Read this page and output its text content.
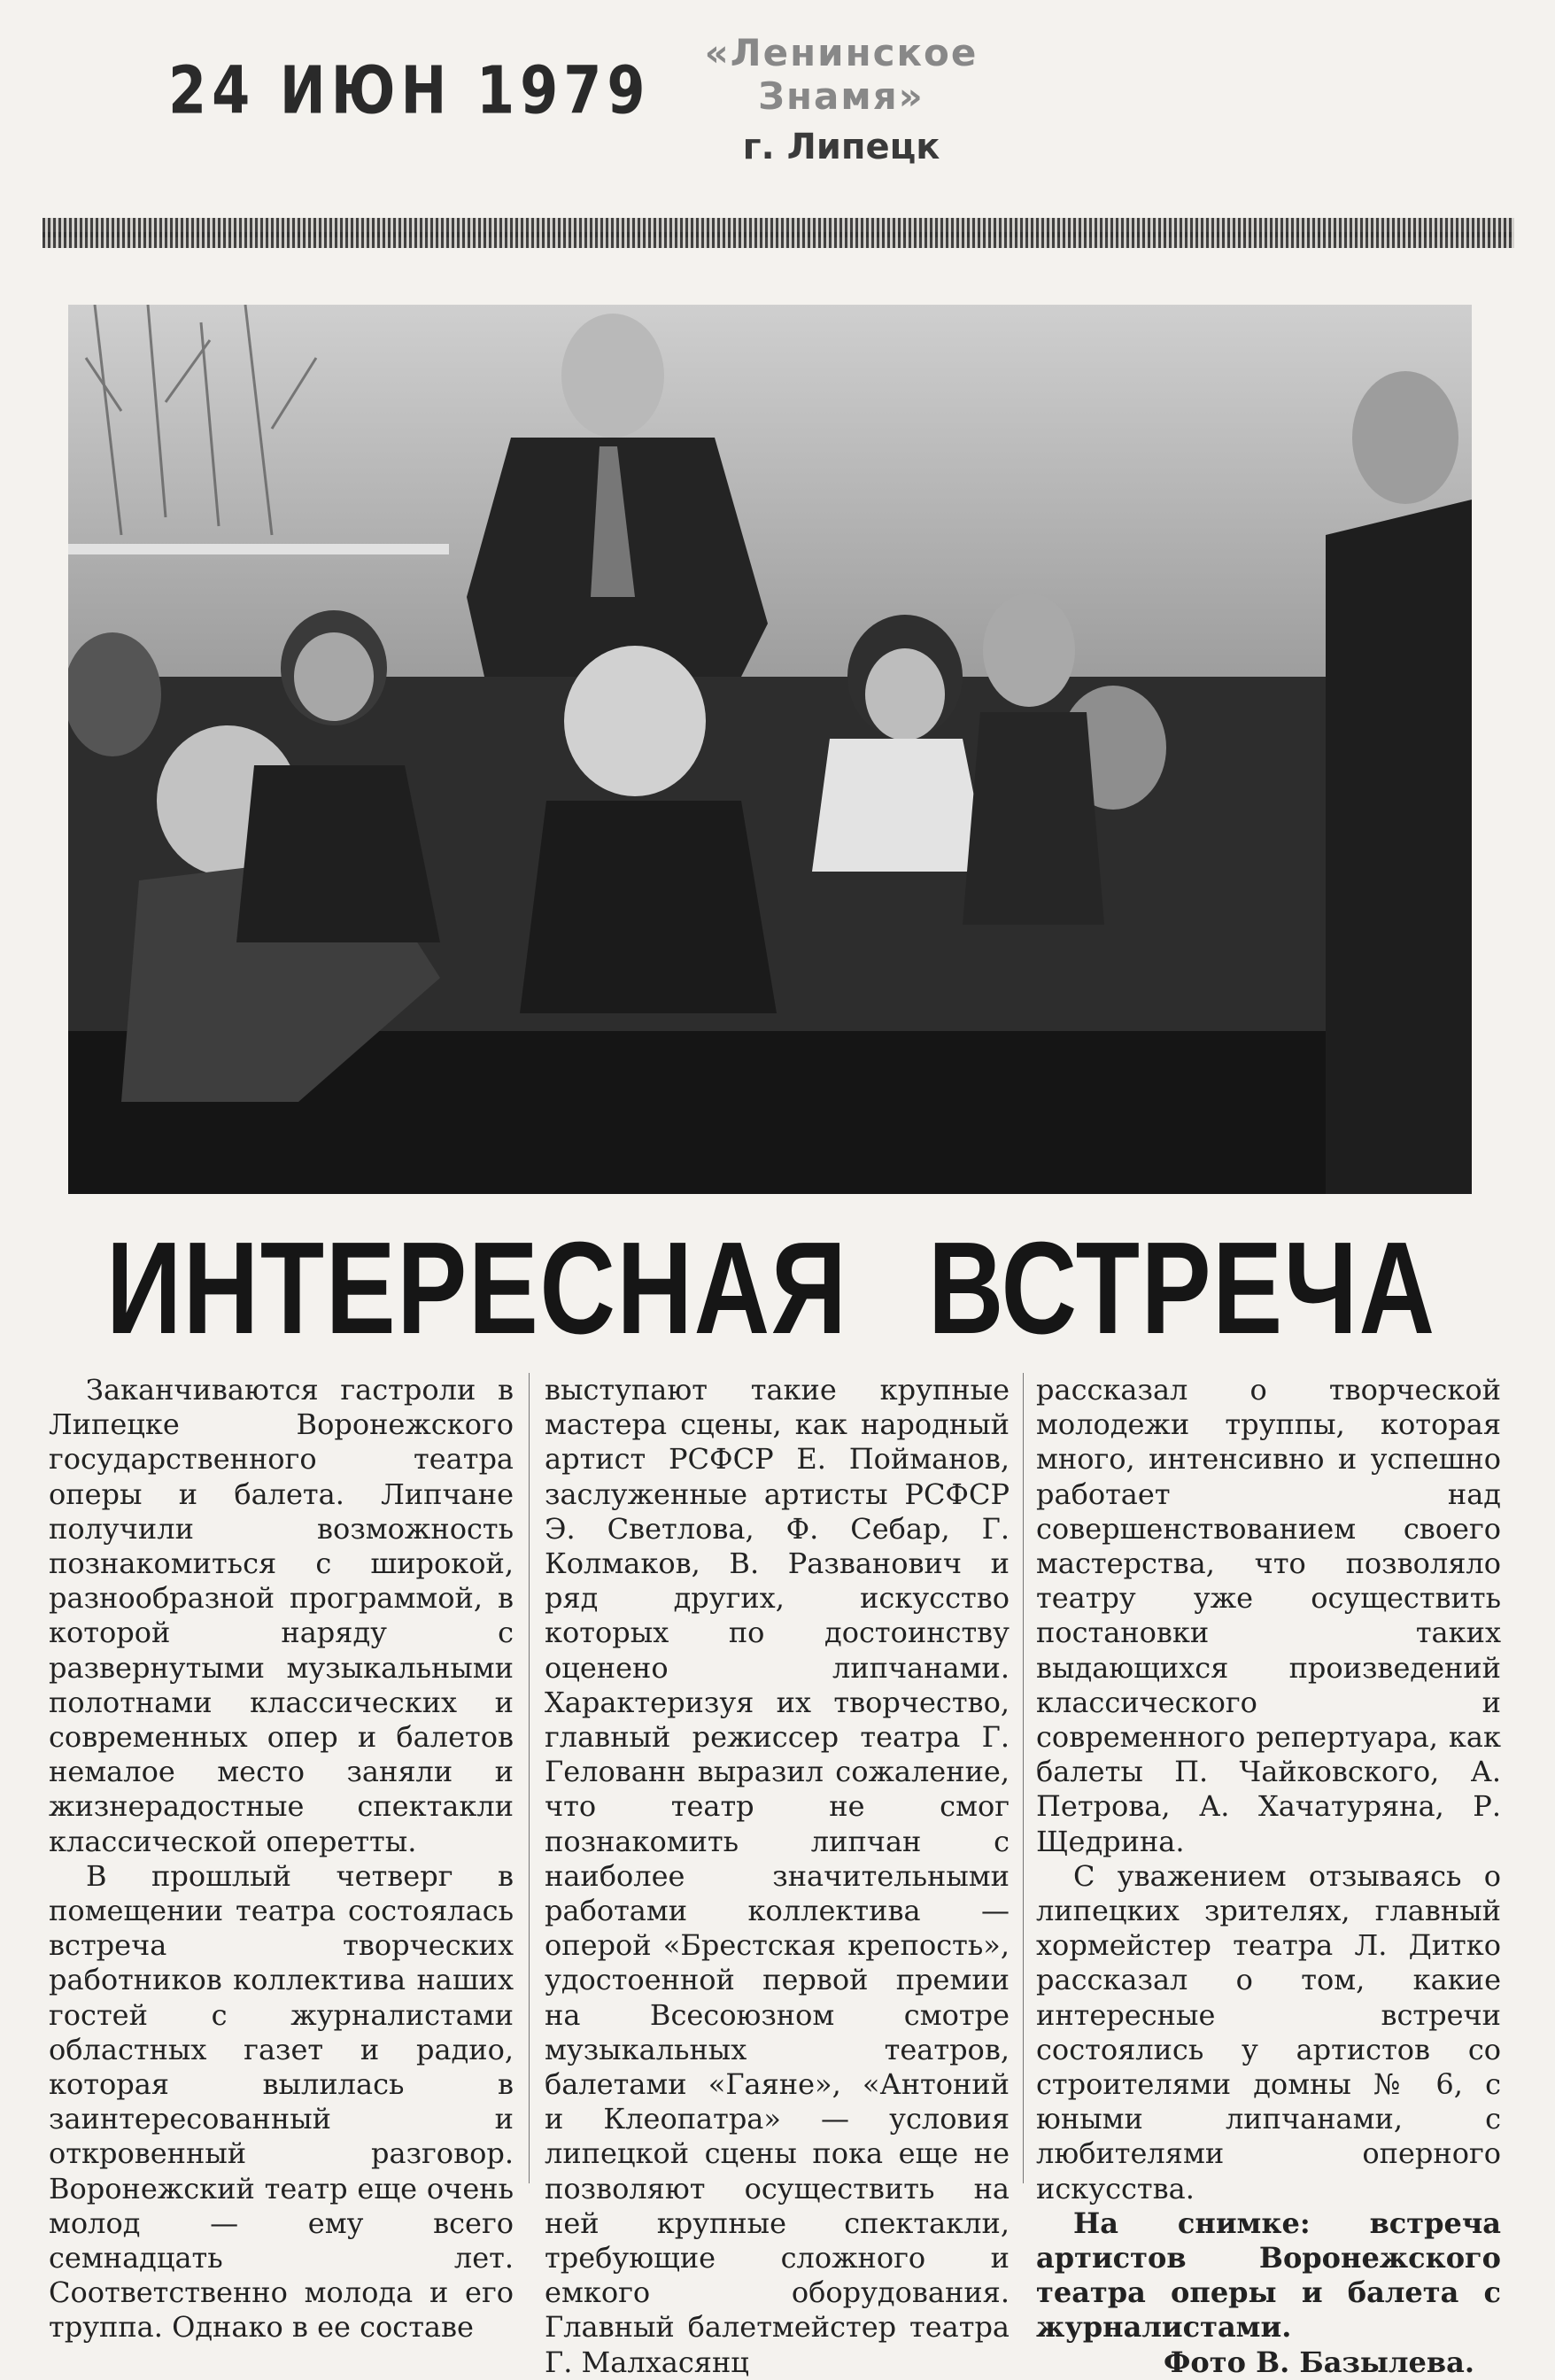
24 ИЮН 1979	«Ленинское Знамя»
г. Липецк
ИНТЕРЕСНАЯ ВСТРЕЧА

Заканчиваются гастроли в Липецке Воронежского государственного театра оперы и балета. Липчане получили возможность познакомиться с широкой, разнообразной программой, в которой наряду с развернутыми музыкальными полотнами классических и современных опер и балетов немалое место заняли и жизнерадостные спектакли классической оперетты.

В прошлый четверг в помещении театра состоялась встреча творческих работников коллектива наших гостей с журналистами областных газет и радио, которая вылилась в заинтересованный и откровенный разговор. Воронежский театр еще очень молод — ему всего семнадцать лет. Соответственно молода и его труппа. Однако в ее составе

выступают такие крупные мастера сцены, как народный артист РСФСР Е. Пойманов, заслуженные артисты РСФСР Э. Светлова, Ф. Себар, Г. Колмаков, В. Разванович и ряд других, искусство которых по достоинству оценено липчанами. Характеризуя их творчество, главный режиссер театра Г. Гелованн выразил сожаление, что театр не смог познакомить липчан с наиболее значительными работами коллектива — оперой «Брестская крепость», удостоенной первой премии на Всесоюзном смотре музыкальных театров, балетами «Гаяне», «Антоний и Клеопатра» — условия липецкой сцены пока еще не позволяют осуществить на ней крупные спектакли, требующие сложного и емкого оборудования. Главный балетмейстер театра Г. Малхасянц

рассказал о творческой молодежи труппы, которая много, интенсивно и успешно работает над совершенствованием своего мастерства, что позволяло театру уже осуществить постановки таких выдающихся произведений классического и современного репертуара, как балеты П. Чайковского, А. Петрова, А. Хачатуряна, Р. Щедрина.

С уважением отзываясь о липецких зрителях, главный хормейстер театра Л. Дитко рассказал о том, какие интересные встречи состоялись у артистов со строителями домны № 6, с юными липчанами, с любителями оперного искусства.

На снимке: встреча артистов Воронежского театра оперы и балета с журналистами.

Фото В. Базылева.
